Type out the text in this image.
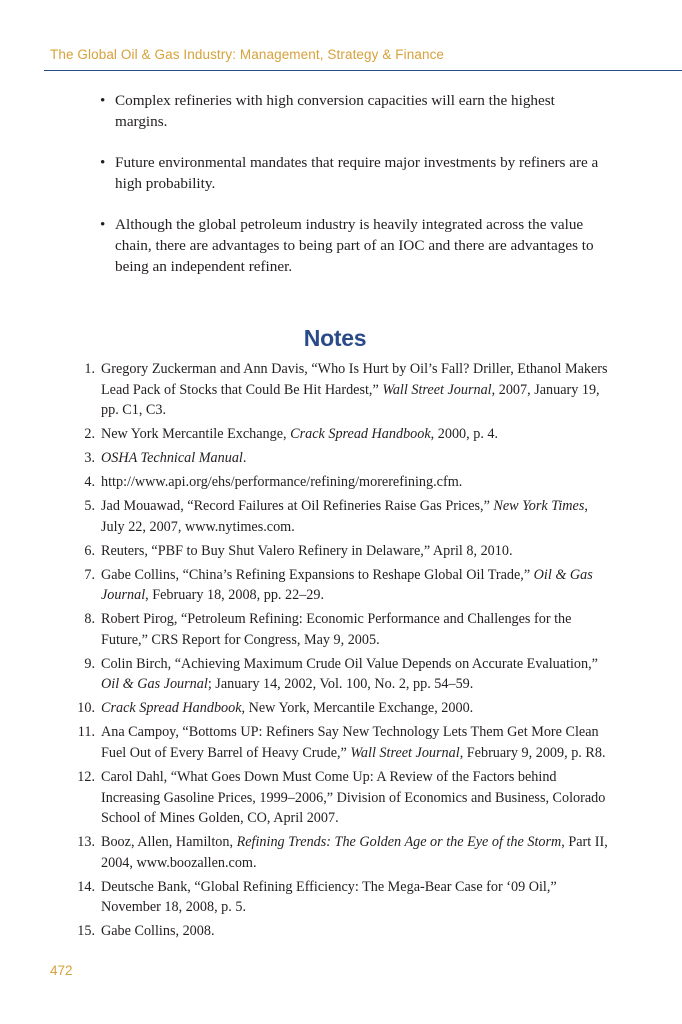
The Global Oil & Gas Industry: Management, Strategy & Finance
• Complex refineries with high conversion capacities will earn the highest margins.
• Future environmental mandates that require major investments by refiners are a high probability.
• Although the global petroleum industry is heavily integrated across the value chain, there are advantages to being part of an IOC and there are advantages to being an independent refiner.
Notes
1. Gregory Zuckerman and Ann Davis, “Who Is Hurt by Oil’s Fall? Driller, Ethanol Makers Lead Pack of Stocks that Could Be Hit Hardest,” Wall Street Journal, 2007, January 19, pp. C1, C3.
2. New York Mercantile Exchange, Crack Spread Handbook, 2000, p. 4.
3. OSHA Technical Manual.
4. http://www.api.org/ehs/performance/refining/morerefining.cfm.
5. Jad Mouawad, “Record Failures at Oil Refineries Raise Gas Prices,” New York Times, July 22, 2007, www.nytimes.com.
6. Reuters, “PBF to Buy Shut Valero Refinery in Delaware,” April 8, 2010.
7. Gabe Collins, “China’s Refining Expansions to Reshape Global Oil Trade,” Oil & Gas Journal, February 18, 2008, pp. 22–29.
8. Robert Pirog, “Petroleum Refining: Economic Performance and Challenges for the Future,” CRS Report for Congress, May 9, 2005.
9. Colin Birch, “Achieving Maximum Crude Oil Value Depends on Accurate Evaluation,” Oil & Gas Journal; January 14, 2002, Vol. 100, No. 2, pp. 54–59.
10. Crack Spread Handbook, New York, Mercantile Exchange, 2000.
11. Ana Campoy, “Bottoms UP: Refiners Say New Technology Lets Them Get More Clean Fuel Out of Every Barrel of Heavy Crude,” Wall Street Journal, February 9, 2009, p. R8.
12. Carol Dahl, “What Goes Down Must Come Up: A Review of the Factors behind Increasing Gasoline Prices, 1999–2006,” Division of Economics and Business, Colorado School of Mines Golden, CO, April 2007.
13. Booz, Allen, Hamilton, Refining Trends: The Golden Age or the Eye of the Storm, Part II, 2004, www.boozallen.com.
14. Deutsche Bank, “Global Refining Efficiency: The Mega-Bear Case for ‘09 Oil,” November 18, 2008, p. 5.
15. Gabe Collins, 2008.
472
